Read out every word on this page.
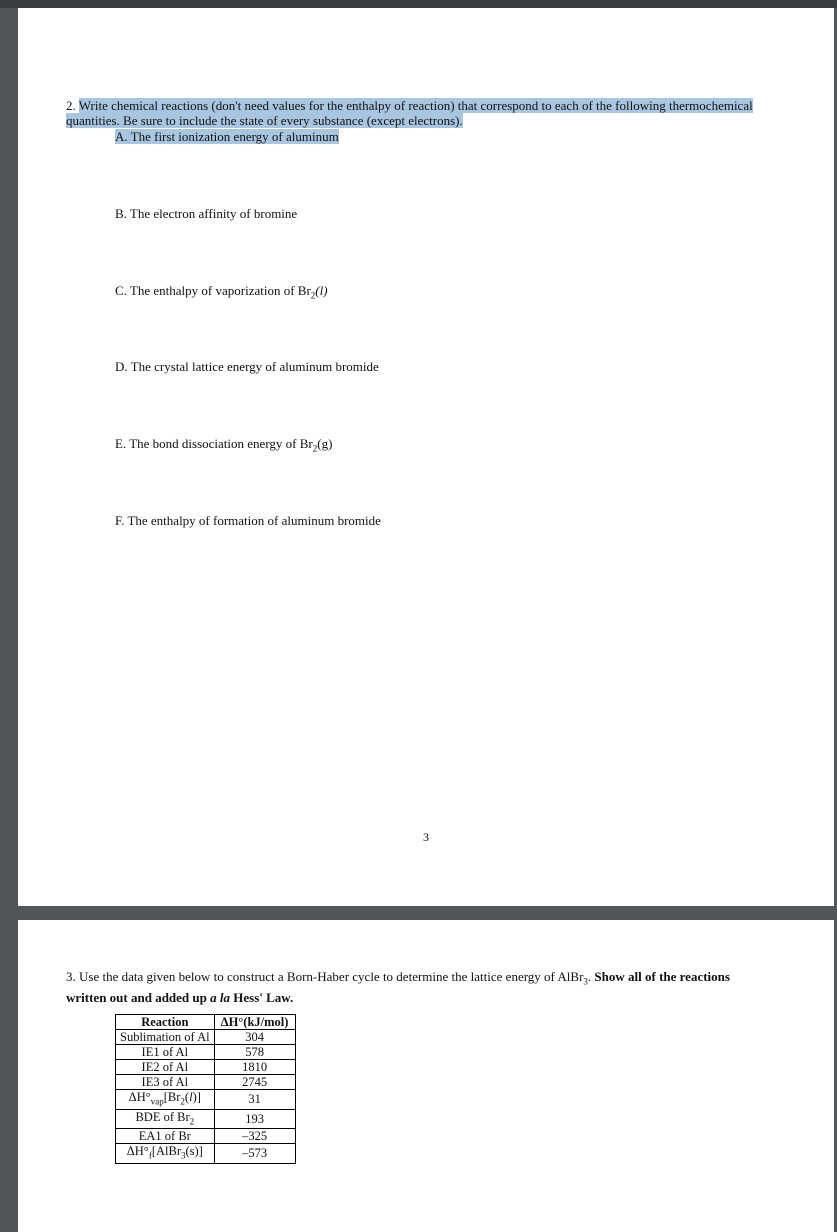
2. Write chemical reactions (don't need values for the enthalpy of reaction) that correspond to each of the following thermochemical
quantities. Be sure to include the state of every substance (except electrons).
A. The first ionization energy of aluminum
B. The electron affinity of bromine
C. The enthalpy of vaporization of $Br_2(l)$
D. The crystal lattice energy of aluminum bromide
E. The bond dissociation energy of $Br_2(g)$
F. The enthalpy of formation of aluminum bromide
3
3. Use the data given below to construct a Born-Haber cycle to determine the lattice energy of AlBr$_3$. Show all of the reactions
written out and added up a la Hess' Law.
Reaction	ΔH°(kJ/mol)
Sublimation of Al	304
IE1 of Al	578
IE2 of Al	1810
IE3 of Al	2745
$\Delta H^\circ_{vap}[Br_2(l)]$	31
BDE of $Br_2$	193
EA1 of Br	–325
$\Delta H^\circ_f[AlBr_3(s)]$	–573
